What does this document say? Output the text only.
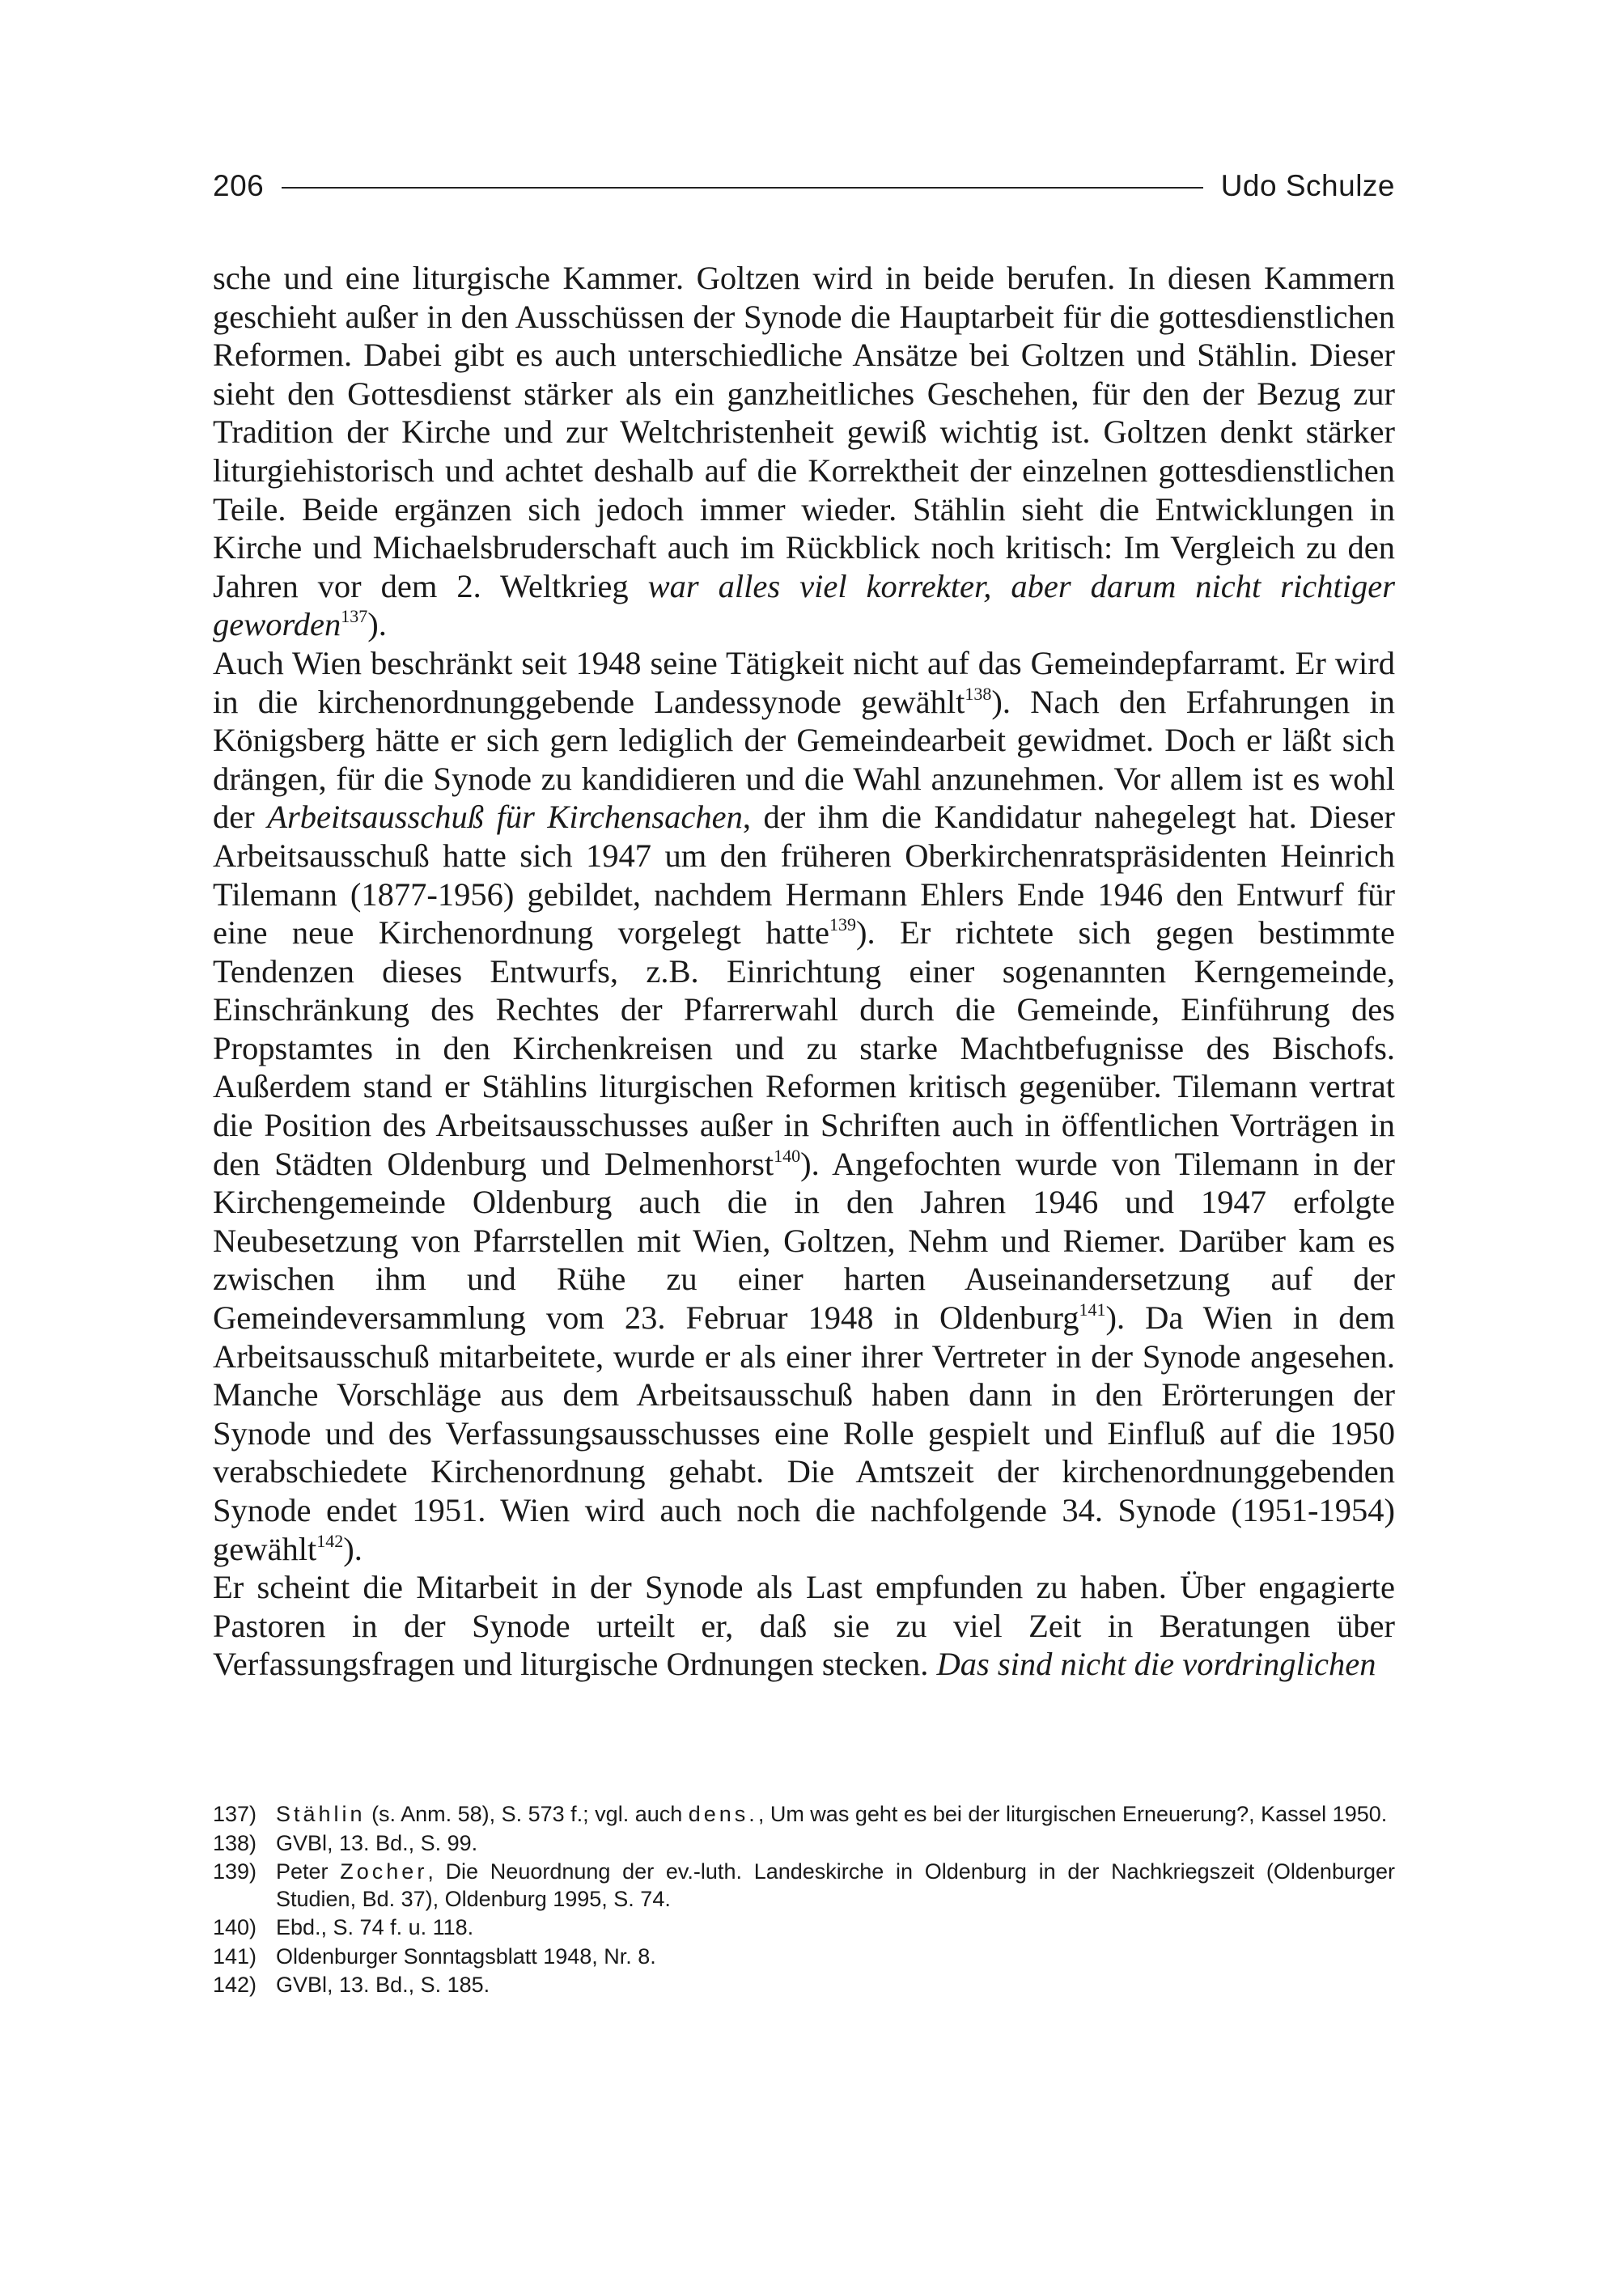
206	Udo Schulze

sche und eine liturgische Kammer. Goltzen wird in beide berufen. In diesen Kammern geschieht außer in den Ausschüssen der Synode die Hauptarbeit für die gottesdienstlichen Reformen. Dabei gibt es auch unterschiedliche Ansätze bei Goltzen und Stählin. Dieser sieht den Gottesdienst stärker als ein ganzheitliches Geschehen, für den der Bezug zur Tradition der Kirche und zur Weltchristenheit gewiß wichtig ist. Goltzen denkt stärker liturgiehistorisch und achtet deshalb auf die Korrektheit der einzelnen gottesdienstlichen Teile. Beide ergänzen sich jedoch immer wieder. Stählin sieht die Entwicklungen in Kirche und Michaelsbruderschaft auch im Rückblick noch kritisch: Im Vergleich zu den Jahren vor dem 2. Weltkrieg war alles viel korrekter, aber darum nicht richtiger geworden$^{137}$).

Auch Wien beschränkt seit 1948 seine Tätigkeit nicht auf das Gemeindepfarramt. Er wird in die kirchenordnunggebende Landessynode gewählt$^{138}$). Nach den Erfahrungen in Königsberg hätte er sich gern lediglich der Gemeindearbeit gewidmet. Doch er läßt sich drängen, für die Synode zu kandidieren und die Wahl anzunehmen. Vor allem ist es wohl der Arbeitsausschuß für Kirchensachen, der ihm die Kandidatur nahegelegt hat. Dieser Arbeitsausschuß hatte sich 1947 um den früheren Oberkirchenratspräsidenten Heinrich Tilemann (1877-1956) gebildet, nachdem Hermann Ehlers Ende 1946 den Entwurf für eine neue Kirchenordnung vorgelegt hatte$^{139}$). Er richtete sich gegen bestimmte Tendenzen dieses Entwurfs, z.B. Einrichtung einer sogenannten Kerngemeinde, Einschränkung des Rechtes der Pfarrerwahl durch die Gemeinde, Einführung des Propstamtes in den Kirchenkreisen und zu starke Machtbefugnisse des Bischofs. Außerdem stand er Stählins liturgischen Reformen kritisch gegenüber. Tilemann vertrat die Position des Arbeitsausschusses außer in Schriften auch in öffentlichen Vorträgen in den Städten Oldenburg und Delmenhorst$^{140}$). Angefochten wurde von Tilemann in der Kirchengemeinde Oldenburg auch die in den Jahren 1946 und 1947 erfolgte Neubesetzung von Pfarrstellen mit Wien, Goltzen, Nehm und Riemer. Darüber kam es zwischen ihm und Rühe zu einer harten Auseinandersetzung auf der Gemeindeversammlung vom 23. Februar 1948 in Oldenburg$^{141}$). Da Wien in dem Arbeitsausschuß mitarbeitete, wurde er als einer ihrer Vertreter in der Synode angesehen. Manche Vorschläge aus dem Arbeitsausschuß haben dann in den Erörterungen der Synode und des Verfassungsausschusses eine Rolle gespielt und Einfluß auf die 1950 verabschiedete Kirchenordnung gehabt. Die Amtszeit der kirchenordnunggebenden Synode endet 1951. Wien wird auch noch die nachfolgende 34. Synode (1951-1954) gewählt$^{142}$).

Er scheint die Mitarbeit in der Synode als Last empfunden zu haben. Über engagierte Pastoren in der Synode urteilt er, daß sie zu viel Zeit in Beratungen über Verfassungsfragen und liturgische Ordnungen stecken. Das sind nicht die vordringlichen

137) Stählin (s. Anm. 58), S. 573 f.; vgl. auch dens., Um was geht es bei der liturgischen Erneuerung?, Kassel 1950.
138) GVBl, 13. Bd., S. 99.
139) Peter Zocher, Die Neuordnung der ev.-luth. Landeskirche in Oldenburg in der Nachkriegszeit (Oldenburger Studien, Bd. 37), Oldenburg 1995, S. 74.
140) Ebd., S. 74 f. u. 118.
141) Oldenburger Sonntagsblatt 1948, Nr. 8.
142) GVBl, 13. Bd., S. 185.
